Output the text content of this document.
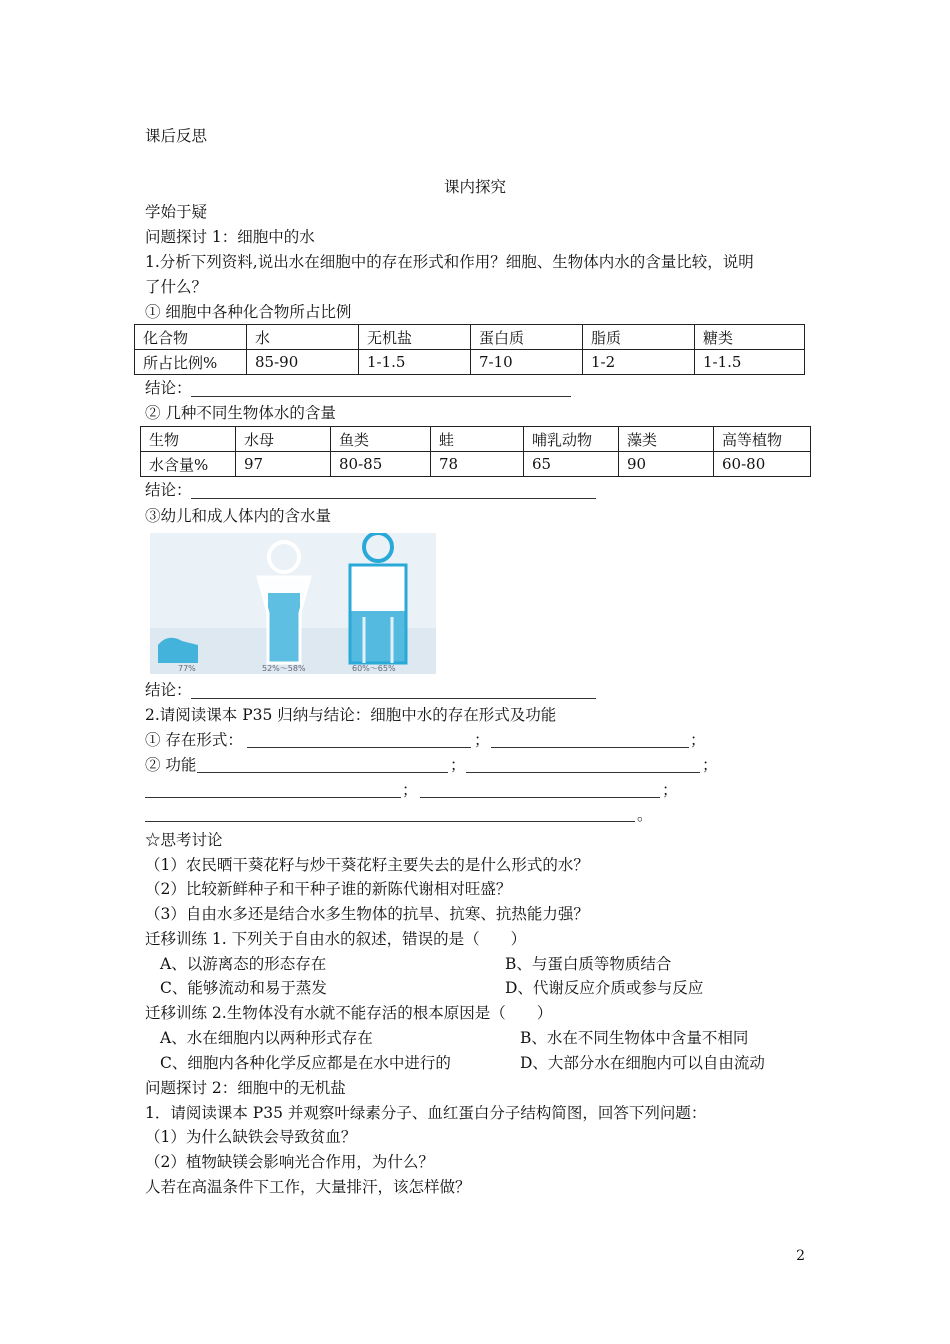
课后反思
课内探究
学始于疑
问题探讨 1：细胞中的水
1.分析下列资料,说出水在细胞中的存在形式和作用？细胞、生物体内水的含量比较，说明
了什么？
① 细胞中各种化合物所占比例
化合物	水	无机盐	蛋白质	脂质	糖类
所占比例%	85-90	1-1.5	7-10	1-2	1-1.5
结论：
② 几种不同生物体水的含量
生物	水母	鱼类	蛙	哺乳动物	藻类	高等植物
水含量%	97	80-85	78	65	90	60-80
结论：
③幼儿和成人体内的含水量
77%	52%～58%	60%～65%
结论：
2.请阅读课本 P35 归纳与结论：细胞中水的存在形式及功能
① 存在形式：	；	；
② 功能	；	；
；	；
。
☆思考讨论
（1）农民晒干葵花籽与炒干葵花籽主要失去的是什么形式的水？
（2）比较新鲜种子和干种子谁的新陈代谢相对旺盛？
（3）自由水多还是结合水多生物体的抗旱、抗寒、抗热能力强？
迁移训练 1. 下列关于自由水的叙述，错误的是（　　）
A、以游离态的形态存在	B、与蛋白质等物质结合
C、能够流动和易于蒸发	D、代谢反应介质或参与反应
迁移训练 2.生物体没有水就不能存活的根本原因是（　　）
A、水在细胞内以两种形式存在	B、水在不同生物体中含量不相同
C、细胞内各种化学反应都是在水中进行的	D、大部分水在细胞内可以自由流动
问题探讨 2：细胞中的无机盐
1．请阅读课本 P35 并观察叶绿素分子、血红蛋白分子结构简图，回答下列问题：
（1）为什么缺铁会导致贫血？
（2）植物缺镁会影响光合作用，为什么？
人若在高温条件下工作，大量排汗，该怎样做？
2
